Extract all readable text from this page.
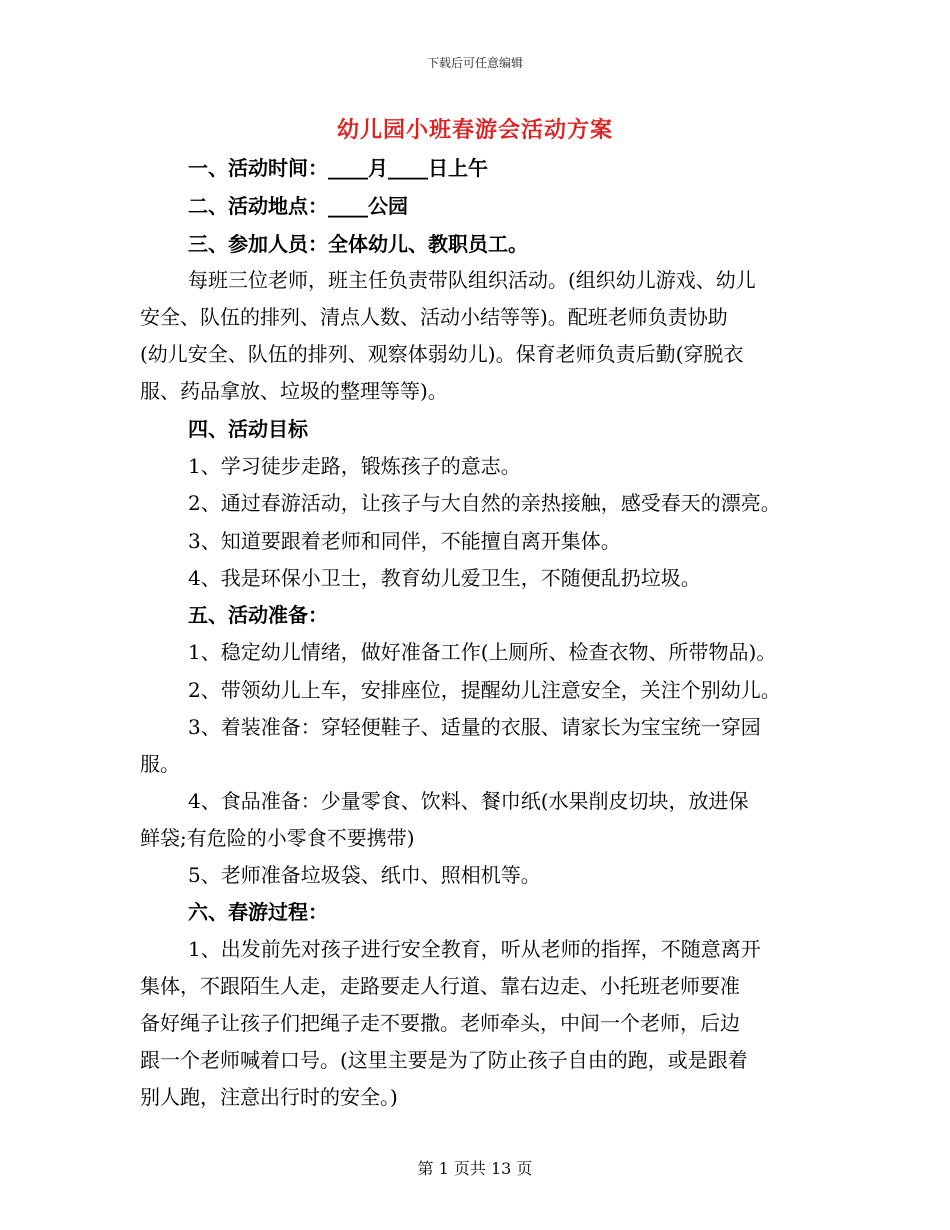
下载后可任意编辑
幼儿园小班春游会活动方案
一、活动时间：____月____日上午
二、活动地点：____公园
三、参加人员：全体幼儿、教职员工。
每班三位老师，班主任负责带队组织活动。(组织幼儿游戏、幼儿
安全、队伍的排列、清点人数、活动小结等等)。配班老师负责协助
(幼儿安全、队伍的排列、观察体弱幼儿)。保育老师负责后勤(穿脱衣
服、药品拿放、垃圾的整理等等)。
四、活动目标
1、学习徒步走路，锻炼孩子的意志。
2、通过春游活动，让孩子与大自然的亲热接触，感受春天的漂亮。
3、知道要跟着老师和同伴，不能擅自离开集体。
4、我是环保小卫士，教育幼儿爱卫生，不随便乱扔垃圾。
五、活动准备：
1、稳定幼儿情绪，做好准备工作(上厕所、检查衣物、所带物品)。
2、带领幼儿上车，安排座位，提醒幼儿注意安全，关注个别幼儿。
3、着装准备：穿轻便鞋子、适量的衣服、请家长为宝宝统一穿园
服。
4、食品准备：少量零食、饮料、餐巾纸(水果削皮切块，放进保
鲜袋;有危险的小零食不要携带)
5、老师准备垃圾袋、纸巾、照相机等。
六、春游过程：
1、出发前先对孩子进行安全教育，听从老师的指挥，不随意离开
集体，不跟陌生人走，走路要走人行道、靠右边走、小托班老师要准
备好绳子让孩子们把绳子走不要撒。老师牵头，中间一个老师，后边
跟一个老师喊着口号。(这里主要是为了防止孩子自由的跑，或是跟着
别人跑，注意出行时的安全。)
第 1 页共 13 页
